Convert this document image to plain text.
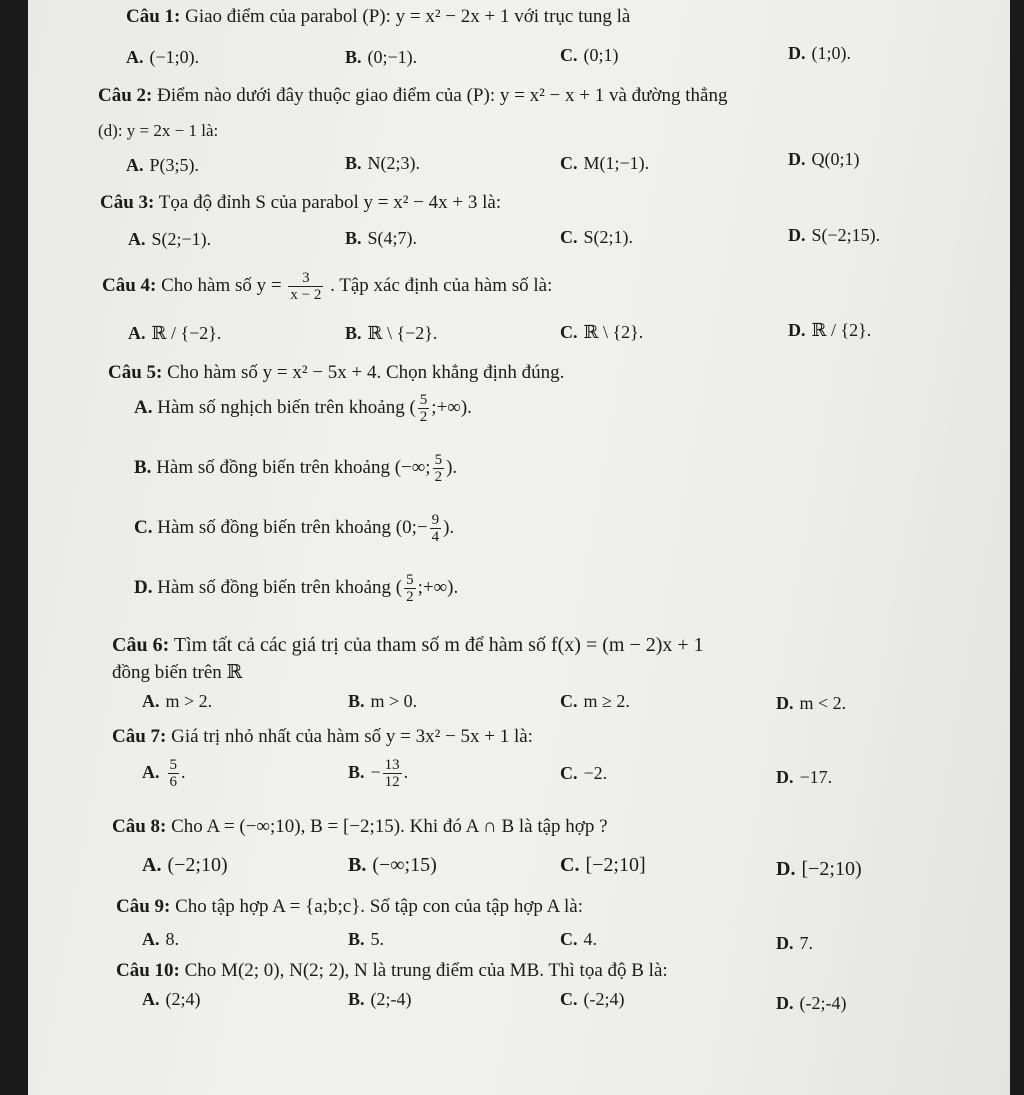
Câu 1: Giao điểm của parabol (P): y = x² − 2x + 1 với trục tung là
A. (−1;0).	B. (0;−1).	C. (0;1)	D. (1;0).
Câu 2: Điểm nào dưới đây thuộc giao điểm của (P): y = x² − x + 1 và đường thẳng
(d): y = 2x − 1 là:
A. P(3;5).	B. N(2;3).	C. M(1;−1).	D. Q(0;1)
Câu 3: Tọa độ đỉnh S của parabol y = x² − 4x + 3 là:
A. S(2;−1).	B. S(4;7).	C. S(2;1).	D. S(−2;15).
Câu 4: Cho hàm số $y = \frac{3}{x - 2}$ . Tập xác định của hàm số là:
A. ℝ / {−2}.	B. ℝ \ {−2}.	C. ℝ \ {2}.	D. ℝ / {2}.
Câu 5: Cho hàm số y = x² − 5x + 4. Chọn khẳng định đúng.
A. Hàm số nghịch biến trên khoảng ( $\frac{5}{2}$ ;+∞).
B. Hàm số đồng biến trên khoảng (−∞; $\frac{5}{2}$ ).
C. Hàm số đồng biến trên khoảng (0;− $\frac{9}{4}$ ).
D. Hàm số đồng biến trên khoảng ( $\frac{5}{2}$ ;+∞).
Câu 6: Tìm tất cả các giá trị của tham số m để hàm số f(x) = (m − 2)x + 1
đồng biến trên ℝ
A. m > 2.	B. m > 0.	C. m ≥ 2.	D. m < 2.
Câu 7: Giá trị nhỏ nhất của hàm số y = 3x² − 5x + 1 là:
A. $\frac{5}{6}$ .	B. − $\frac{13}{12}$ .	C. −2.	D. −17.
Câu 8: Cho A = (−∞;10), B = [−2;15). Khi đó A ∩ B là tập hợp ?
A. (−2;10)	B. (−∞;15)	C. [−2;10]	D. [−2;10)
Câu 9: Cho tập hợp A = {a;b;c}. Số tập con của tập hợp A là:
A. 8.	B. 5.	C. 4.	D. 7.
Câu 10: Cho M(2; 0), N(2; 2), N là trung điểm của MB. Thì tọa độ B là:
A. (2;4)	B. (2;-4)	C. (-2;4)	D. (-2;-4)
